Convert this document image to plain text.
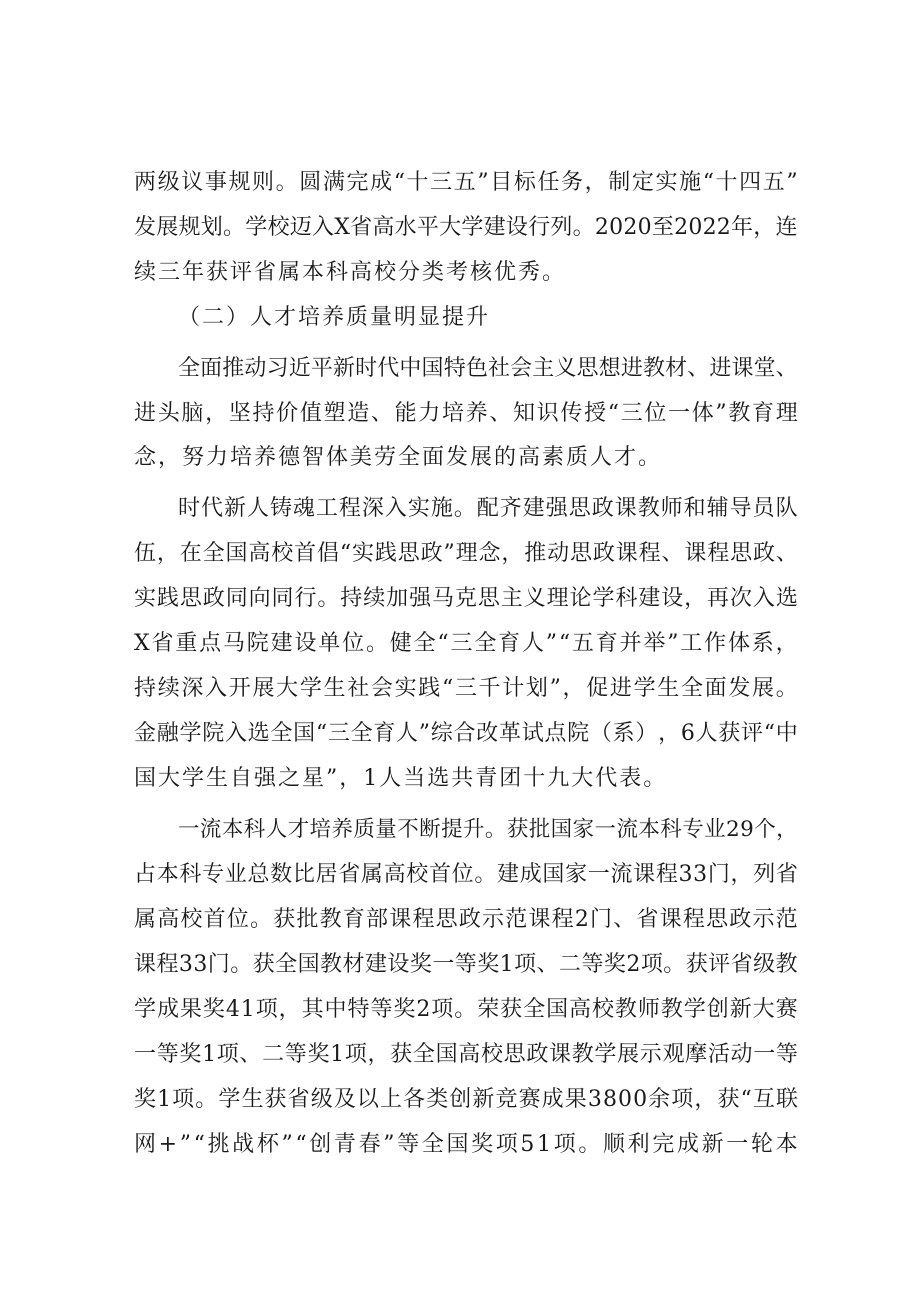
两 级 议 事 规 则 。 圆 满 完 成 “ 十 三 五 ” 目 标 任 务 ， 制 定 实 施 “ 十 四 五 ”
发 展 规 划 。 学 校 迈 入 X 省 高 水 平 大 学 建 设 行 列 。 2 0 2 0 至 2 0 2 2 年 ， 连
续三年获评省属本科高校分类考核优秀。
（二）人才培养质量明显提升
全 面 推 动 习 近 平 新 时 代 中 国 特 色 社 会 主 义 思 想 进 教 材 、 进 课 堂 、
进 头 脑 ， 坚 持 价 值 塑 造 、 能 力 培 养 、 知 识 传 授 “ 三 位 一 体 ” 教 育 理
念，努力培养德智体美劳全面发展的高素质人才。
时 代 新 人 铸 魂 工 程 深 入 实 施 。 配 齐 建 强 思 政 课 教 师 和 辅 导 员 队
伍 ， 在 全 国 高 校 首 倡 “ 实 践 思 政 ” 理 念 ， 推 动 思 政 课 程 、 课 程 思 政 、
实 践 思 政 同 向 同 行 。 持 续 加 强 马 克 思 主 义 理 论 学 科 建 设 ， 再 次 入 选
X 省 重 点 马 院 建 设 单 位 。 健 全 “ 三 全 育 人 ” “ 五 育 并 举 ” 工 作 体 系 ，
持 续 深 入 开 展 大 学 生 社 会 实 践 “ 三 千 计 划 ” ， 促 进 学 生 全 面 发 展 。
金 融 学 院 入 选 全 国 “ 三 全 育 人 ” 综 合 改 革 试 点 院 （ 系 ） ， 6 人 获 评 “ 中
国大学生自强之星”，1人当选共青团十九大代表。
一 流 本 科 人 才 培 养 质 量 不 断 提 升 。 获 批 国 家 一 流 本 科 专 业 2 9 个 ，
占 本 科 专 业 总 数 比 居 省 属 高 校 首 位 。 建 成 国 家 一 流 课 程 3 3 门 ， 列 省
属 高 校 首 位 。 获 批 教 育 部 课 程 思 政 示 范 课 程 2 门 、 省 课 程 思 政 示 范
课 程 3 3 门 。 获 全 国 教 材 建 设 奖 一 等 奖 1 项 、 二 等 奖 2 项 。 获 评 省 级 教
学 成 果 奖 4 1 项 ， 其 中 特 等 奖 2 项 。 荣 获 全 国 高 校 教 师 教 学 创 新 大 赛
一 等 奖 1 项 、 二 等 奖 1 项 ， 获 全 国 高 校 思 政 课 教 学 展 示 观 摩 活 动 一 等
奖 1 项 。 学 生 获 省 级 及 以 上 各 类 创 新 竞 赛 成 果 3 8 0 0 余 项 ， 获 “ 互 联
网 + ” “ 挑 战 杯 ” “ 创 青 春 ” 等 全 国 奖 项 5 1 项 。 顺 利 完 成 新 一 轮 本
